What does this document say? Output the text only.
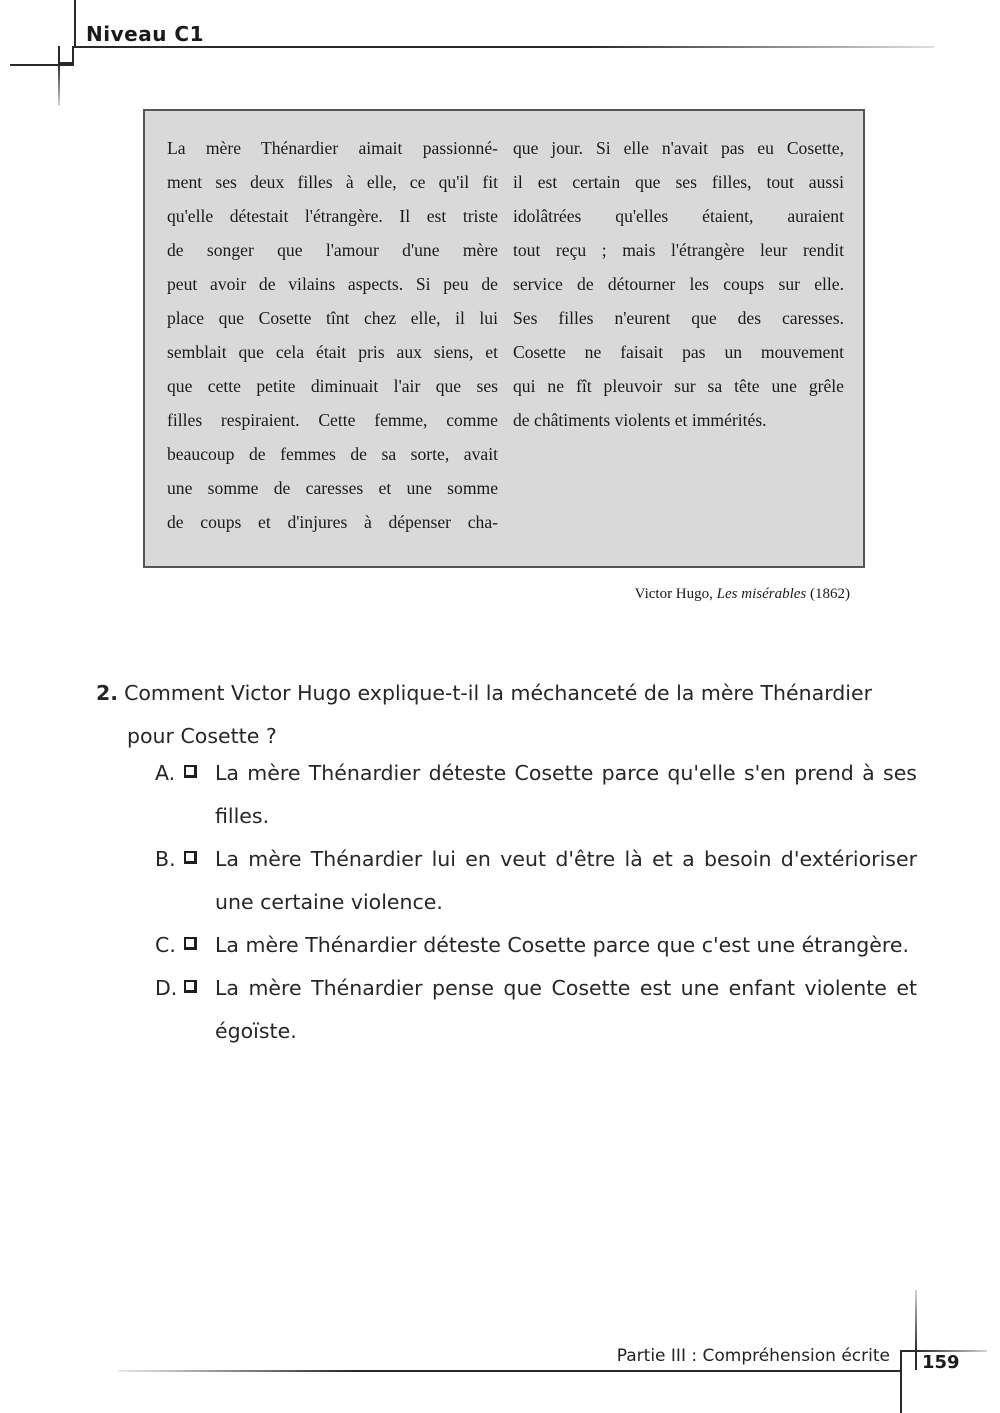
Niveau C1

La mère Thénardier aimait passionné-

ment ses deux filles à elle, ce qu'il fit

qu'elle détestait l'étrangère. Il est triste

de songer que l'amour d'une mère

peut avoir de vilains aspects. Si peu de

place que Cosette tînt chez elle, il lui

semblait que cela était pris aux siens, et

que cette petite diminuait l'air que ses

filles respiraient. Cette femme, comme

beaucoup de femmes de sa sorte, avait

une somme de caresses et une somme

de coups et d'injures à dépenser cha-

que jour. Si elle n'avait pas eu Cosette,

il est certain que ses filles, tout aussi

idolâtrées qu'elles étaient, auraient

tout reçu ; mais l'étrangère leur rendit

service de détourner les coups sur elle.

Ses filles n'eurent que des caresses.

Cosette ne faisait pas un mouvement

qui ne fît pleuvoir sur sa tête une grêle

de châtiments violents et immérités.

Victor Hugo, Les misérables (1862)
2. Comment Victor Hugo explique-t-il la méchanceté de la mère Thénardier
pour Cosette ?
A. La mère Thénardier déteste Cosette parce qu'elle s'en prend à ses filles.
B. La mère Thénardier lui en veut d'être là et a besoin d'extérioriser une certaine violence.
C. La mère Thénardier déteste Cosette parce que c'est une étrangère.
D. La mère Thénardier pense que Cosette est une enfant violente et égoïste.
Partie III : Compréhension écrite 159
